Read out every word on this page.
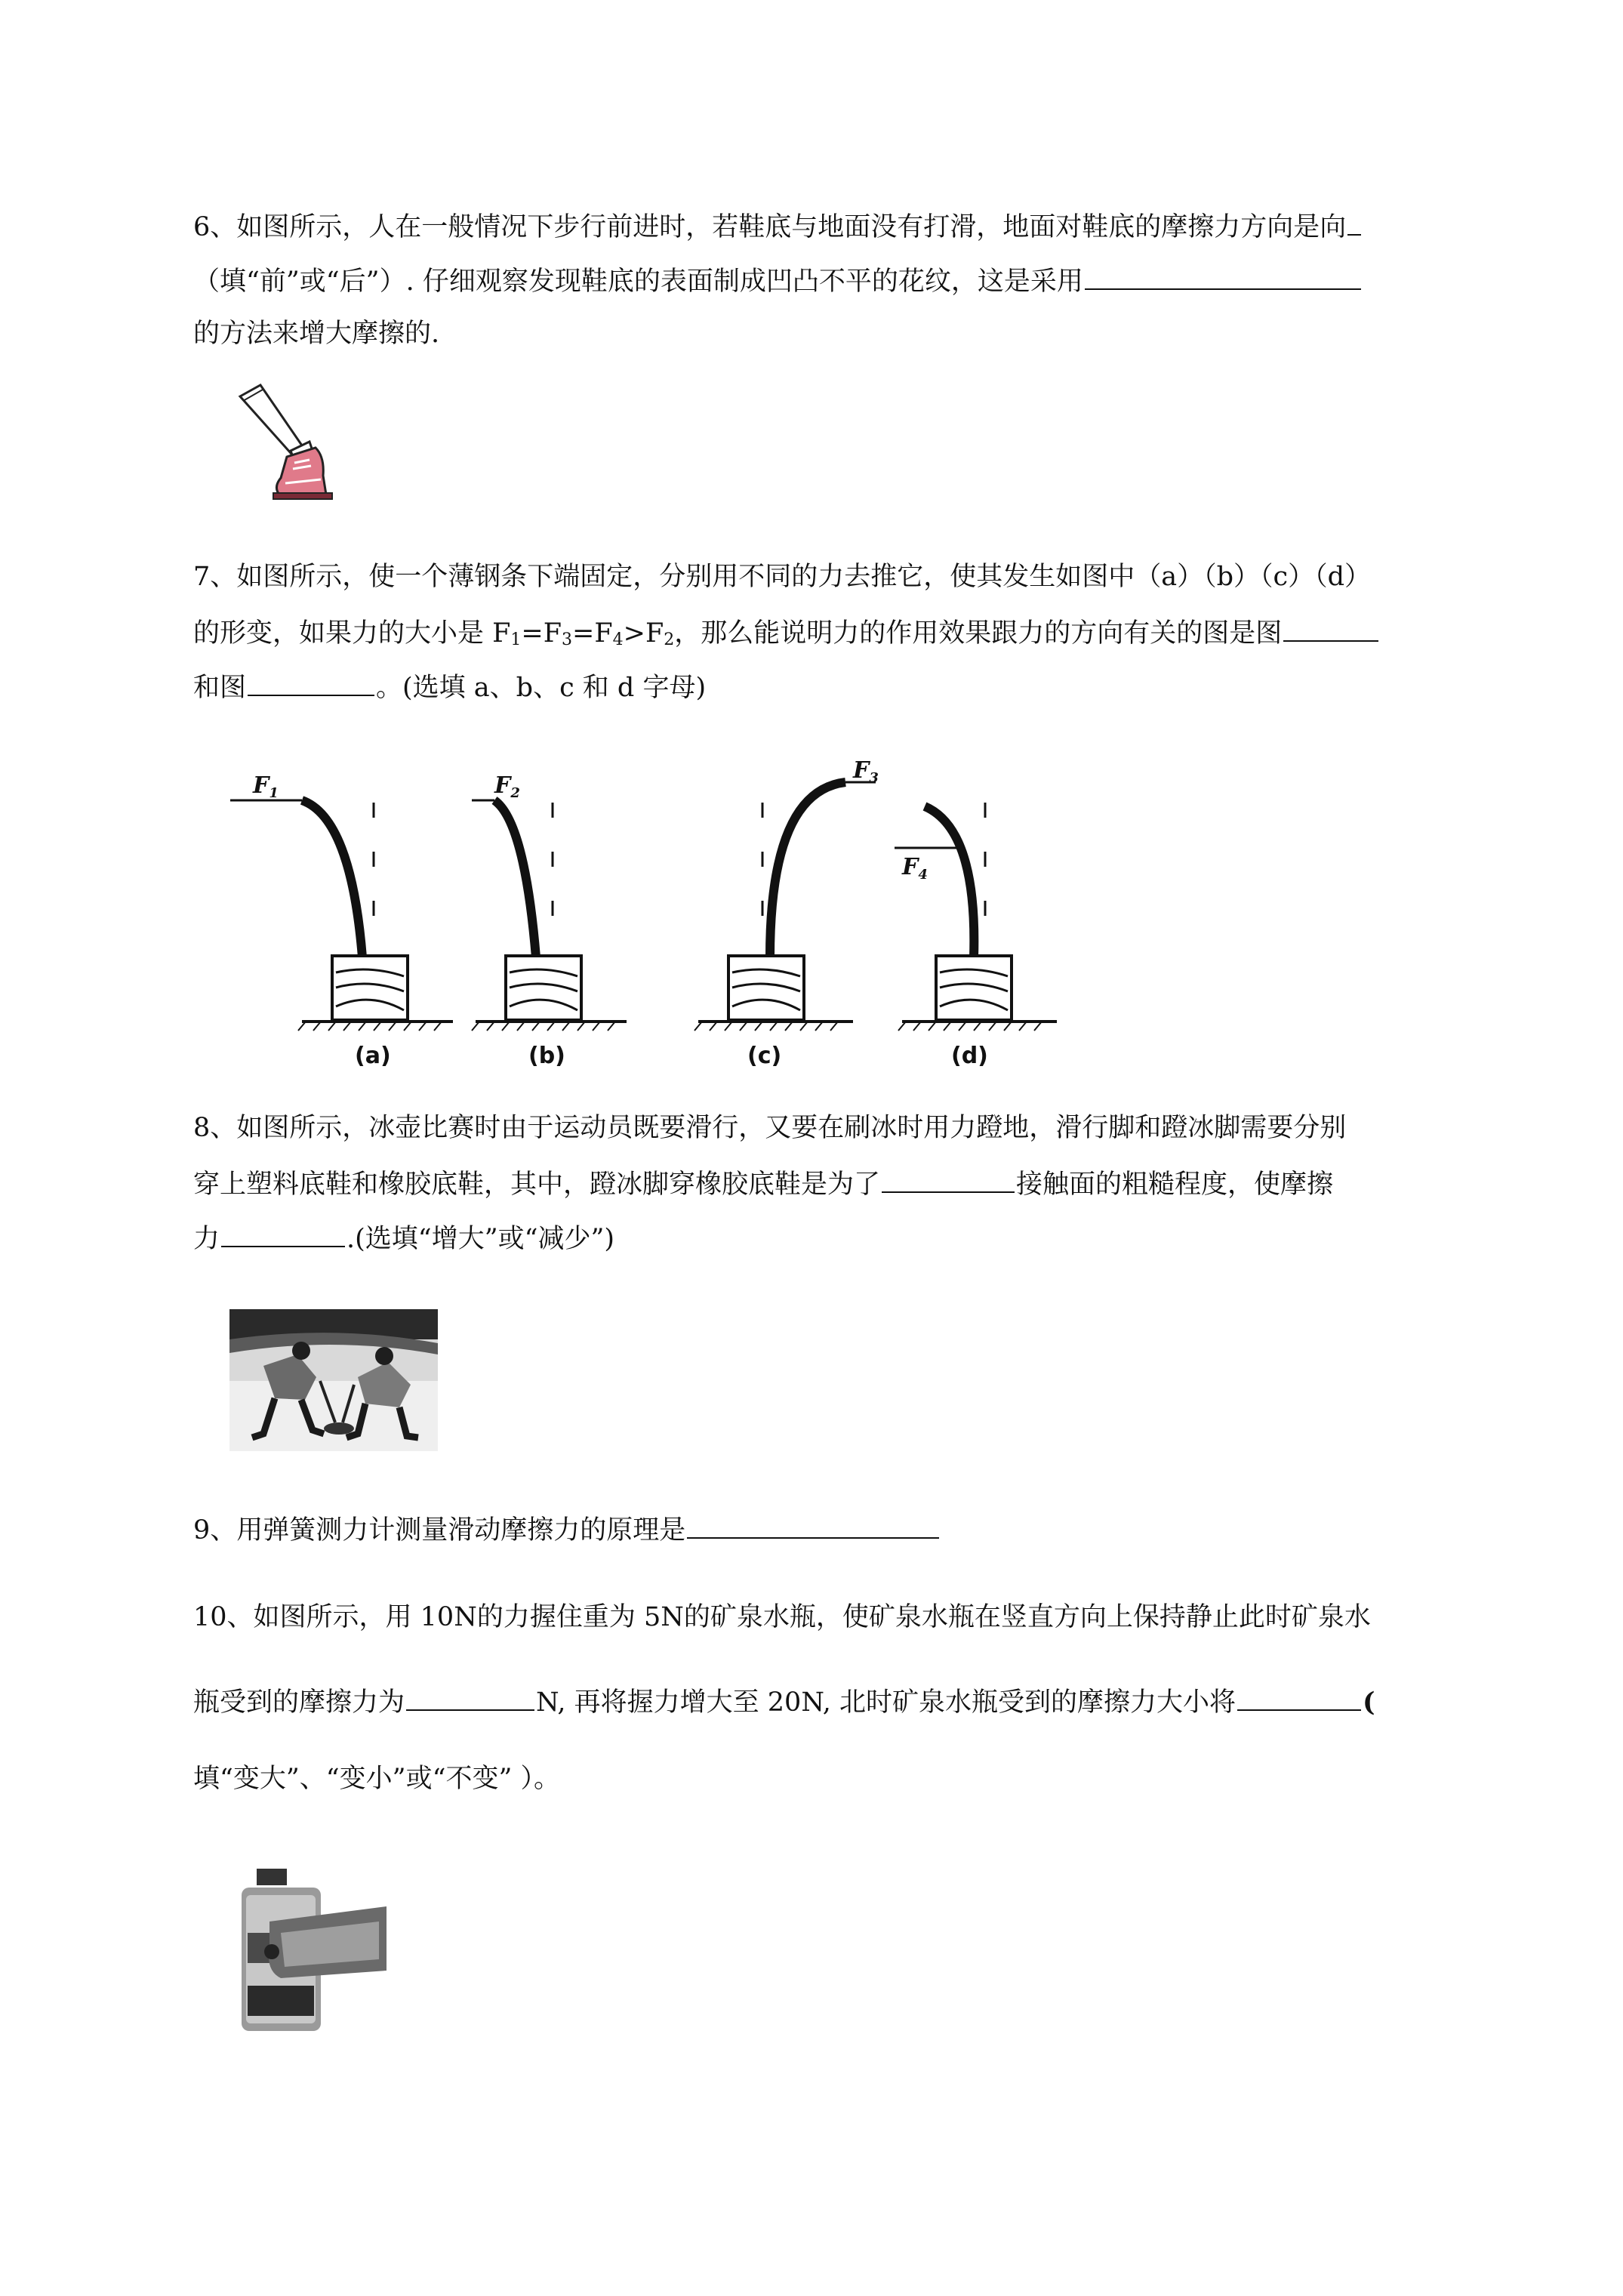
6、如图所示，人在一般情况下步行前进时，若鞋底与地面没有打滑，地面对鞋底的摩擦力方向是向
（填“前”或“后”）. 仔细观察发现鞋底的表面制成凹凸不平的花纹，这是采用
的方法来增大摩擦的.
7、如图所示，使一个薄钢条下端固定，分别用不同的力去推它，使其发生如图中（a）（b）（c）（d）
的形变，如果力的大小是 $F_1=F_3=F_4>F_2$，那么能说明力的作用效果跟力的方向有关的图是图
和图	。(选填 a、b、c 和 d 字母)
$F_1$	$F_2$
$F_3$
$F_4$
(a)	(b)	(c)	(d)
8、如图所示，冰壶比赛时由于运动员既要滑行，又要在刷冰时用力蹬地，滑行脚和蹬冰脚需要分别
穿上塑料底鞋和橡胶底鞋，其中，蹬冰脚穿橡胶底鞋是为了	接触面的粗糙程度，使摩擦
力	.(选填“增大”或“减少”)
9、用弹簧测力计测量滑动摩擦力的原理是
10、如图所示，用 10N的力握住重为 5N的矿泉水瓶，使矿泉水瓶在竖直方向上保持静止此时矿泉水
瓶受到的摩擦力为	N, 再将握力增大至 20N, 北时矿泉水瓶受到的摩擦力大小将	(
填“变大”、“变小”或“不变” ）。
